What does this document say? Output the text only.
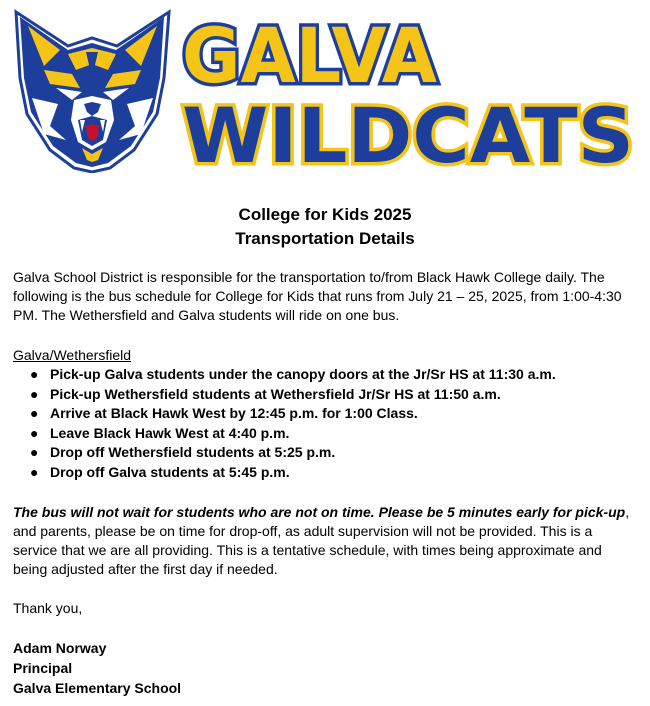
GALVA
WILDCATS
College for Kids 2025
Transportation Details

Galva School District is responsible for the transportation to/from Black Hawk College daily. The following is the bus schedule for College for Kids that runs from July 21 – 25, 2025, from 1:00-4:30 PM. The Wethersfield and Galva students will ride on one bus.

Galva/Wethersfield
● Pick-up Galva students under the canopy doors at the Jr/Sr HS at 11:30 a.m.
● Pick-up Wethersfield students at Wethersfield Jr/Sr HS at 11:50 a.m.
● Arrive at Black Hawk West by 12:45 p.m. for 1:00 Class.
● Leave Black Hawk West at 4:40 p.m.
● Drop off Wethersfield students at 5:25 p.m.
● Drop off Galva students at 5:45 p.m.

The bus will not wait for students who are not on time. Please be 5 minutes early for pick-up, and parents, please be on time for drop-off, as adult supervision will not be provided. This is a service that we are all providing. This is a tentative schedule, with times being approximate and being adjusted after the first day if needed.

Thank you,

Adam Norway
Principal
Galva Elementary School
